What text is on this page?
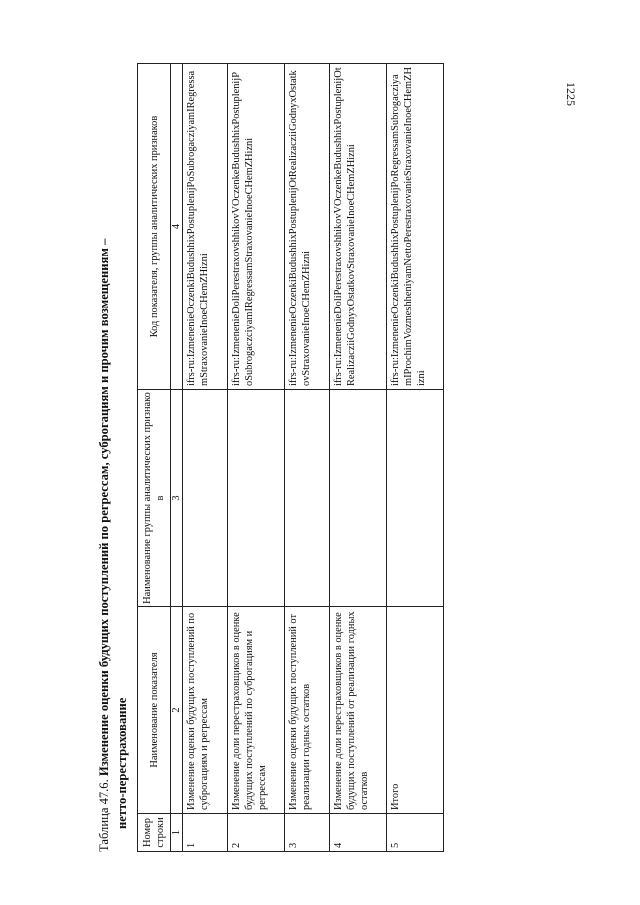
1225
Таблица 47.6. Изменение оценки будущих поступлений по регрессам, суброгациям и прочим возмещениям – нетто-перестрахование
Номер строки	Наименование показателя	Наименование группы аналитических признаков	Код показателя, группы аналитических признаков
1	2	3	4
1	Изменение оценки будущих поступлений по суброгациям и регрессам		ifrs-ru:IzmenenieOczenkiBudushhixPostuplenijPoSubrogacziyamIRegressamStraxovanieInoeCHemZHizni
2	Изменение доли перестраховщиков в оценке будущих поступлений по суброгациям и регрессам		ifrs-ru:IzmenenieDoliPerestraxovshhikovVOczenkeBudushhixPostuplenijPoSubrogaczciyamIRegressamStraxovanieInoeCHemZHizni
3	Изменение оценки будущих поступлений от реализации годных остатков		ifrs-ru:IzmenenieOczenkiBudushhixPostuplenijOtRealizacziiGodnyxOstatkovStraxovanieInoeCHemZHizni
4	Изменение доли перестраховщиков в оценке будущих поступлений от реализации годных остатков		ifrs-ru:IzmenenieDoliPerestraxovshhikovVOczenkeBudushhixPostuplenijOtRealizacziiGodnyxOstatkovStraxovanieInoeCHemZHizni
5	Итого		ifrs-ru:IzmenenieOczenkiBudushhixPostuplenijPoRegressamSubrogacziyamIProchimVozmeshheniyamNettoPerestraxovanieStraxovanieInoeCHemZHizni
